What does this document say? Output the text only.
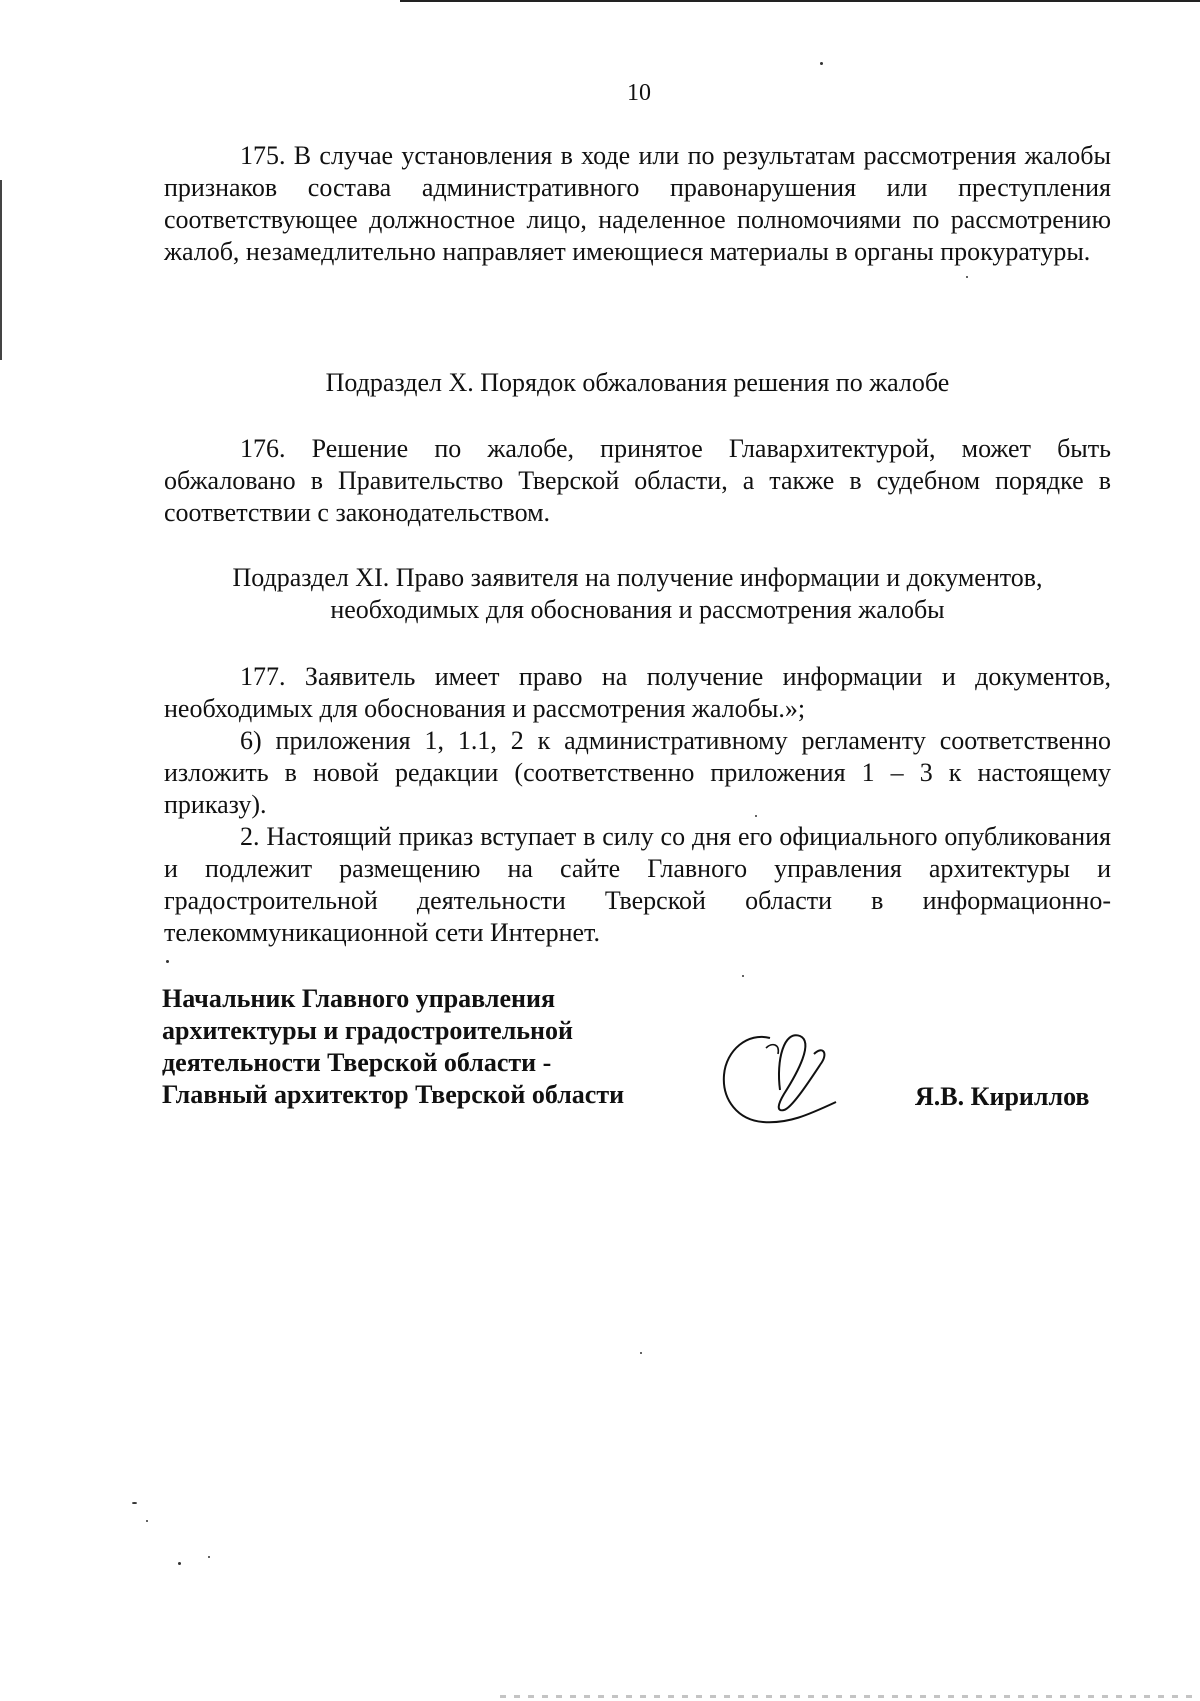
10

175. В случае установления в ходе или по результатам рассмотрения жалобы признаков состава административного правонарушения или преступления соответствующее должностное лицо, наделенное полномочиями по рассмотрению жалоб, незамедлительно направляет имеющиеся материалы в органы прокуратуры.

Подраздел X. Порядок обжалования решения по жалобе

176. Решение по жалобе, принятое Главархитектурой, может быть обжаловано в Правительство Тверской области, а также в судебном порядке в соответствии с законодательством.

Подраздел XI. Право заявителя на получение информации и документов,

необходимых для обоснования и рассмотрения жалобы

177. Заявитель имеет право на получение информации и документов, необходимых для обоснования и рассмотрения жалобы.»;

6) приложения 1, 1.1, 2 к административному регламенту соответственно изложить в новой редакции (соответственно приложения 1 – 3 к настоящему приказу).

2. Настоящий приказ вступает в силу со дня его официального опубликования и подлежит размещению на сайте Главного управления архитектуры и градостроительной деятельности Тверской области в информационно-телекоммуникационной сети Интернет.

Начальник Главного управления
архитектуры и градостроительной
деятельности Тверской области -
Главный архитектор Тверской области	Я.В. Кириллов
